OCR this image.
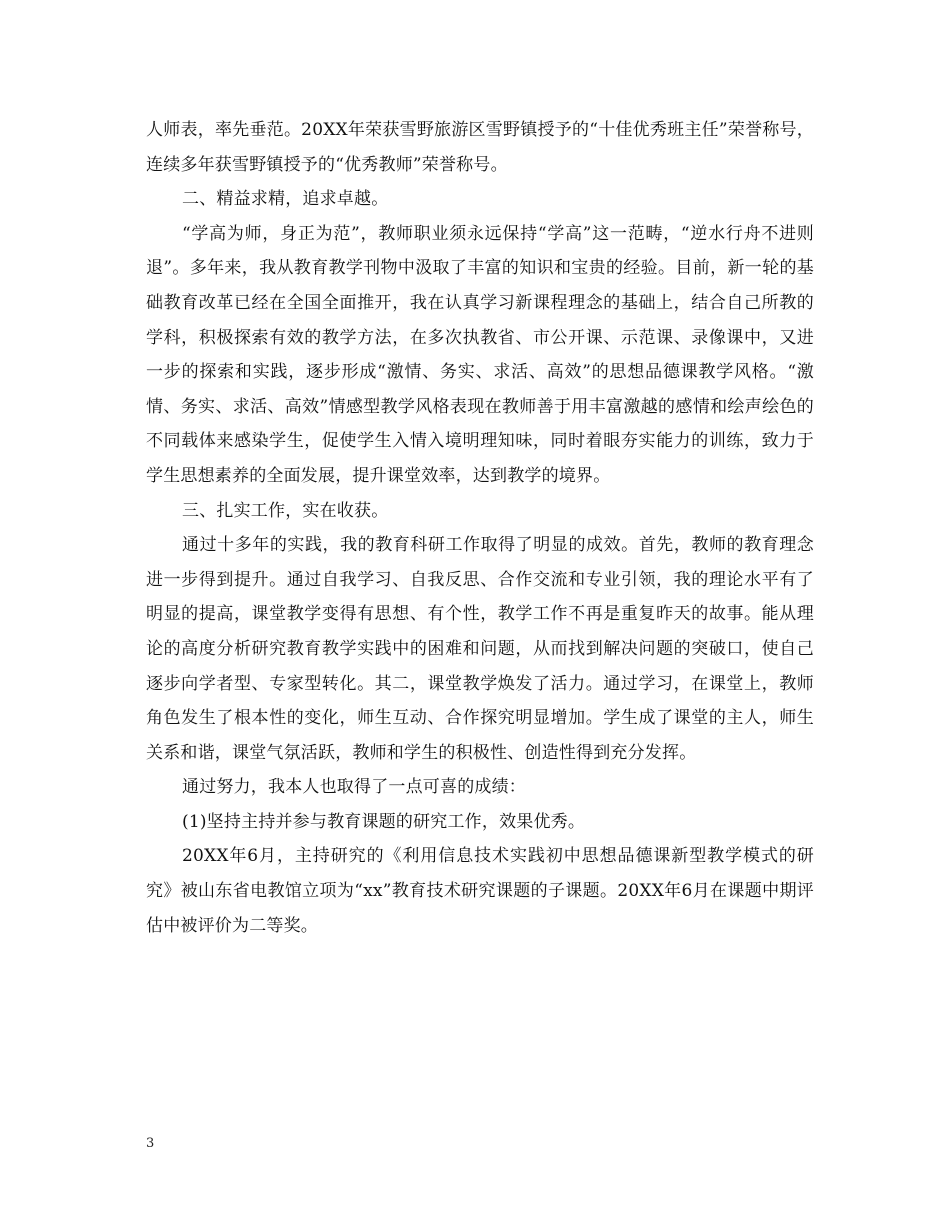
人师表，率先垂范。20XX年荣获雪野旅游区雪野镇授予的“十佳优秀班主任”荣誉称号，连续多年获雪野镇授予的“优秀教师”荣誉称号。

二、精益求精，追求卓越。

“学高为师，身正为范”，教师职业须永远保持“学高”这一范畴，“逆水行舟不进则退”。多年来，我从教育教学刊物中汲取了丰富的知识和宝贵的经验。目前，新一轮的基础教育改革已经在全国全面推开，我在认真学习新课程理念的基础上，结合自己所教的学科，积极探索有效的教学方法，在多次执教省、市公开课、示范课、录像课中，又进一步的探索和实践，逐步形成“激情、务实、求活、高效”的思想品德课教学风格。“激情、务实、求活、高效”情感型教学风格表现在教师善于用丰富激越的感情和绘声绘色的不同载体来感染学生，促使学生入情入境明理知味，同时着眼夯实能力的训练，致力于学生思想素养的全面发展，提升课堂效率，达到教学的境界。

三、扎实工作，实在收获。

通过十多年的实践，我的教育科研工作取得了明显的成效。首先，教师的教育理念进一步得到提升。通过自我学习、自我反思、合作交流和专业引领，我的理论水平有了明显的提高，课堂教学变得有思想、有个性，教学工作不再是重复昨天的故事。能从理论的高度分析研究教育教学实践中的困难和问题，从而找到解决问题的突破口，使自己逐步向学者型、专家型转化。其二，课堂教学焕发了活力。通过学习，在课堂上，教师角色发生了根本性的变化，师生互动、合作探究明显增加。学生成了课堂的主人，师生关系和谐，课堂气氛活跃，教师和学生的积极性、创造性得到充分发挥。

通过努力，我本人也取得了一点可喜的成绩：

(1)坚持主持并参与教育课题的研究工作，效果优秀。

20XX年6月，主持研究的《利用信息技术实践初中思想品德课新型教学模式的研究》被山东省电教馆立项为“xx”教育技术研究课题的子课题。20XX年6月在课题中期评估中被评价为二等奖。

3
